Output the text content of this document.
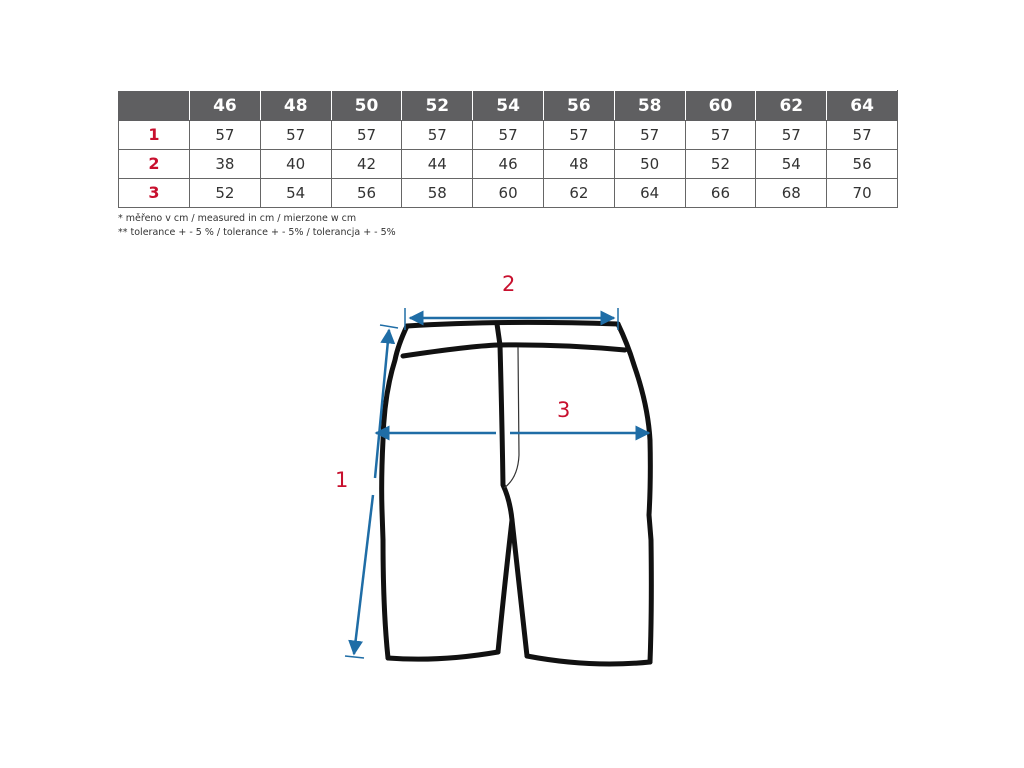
	46	48	50	52	54	56	58	60	62	64
1	57	57	57	57	57	57	57	57	57	57
2	38	40	42	44	46	48	50	52	54	56
3	52	54	56	58	60	62	64	66	68	70
* měřeno v cm / measured in cm / mierzone w cm
** tolerance + - 5 % / tolerance + - 5% / tolerancja + - 5%
2
3
1
